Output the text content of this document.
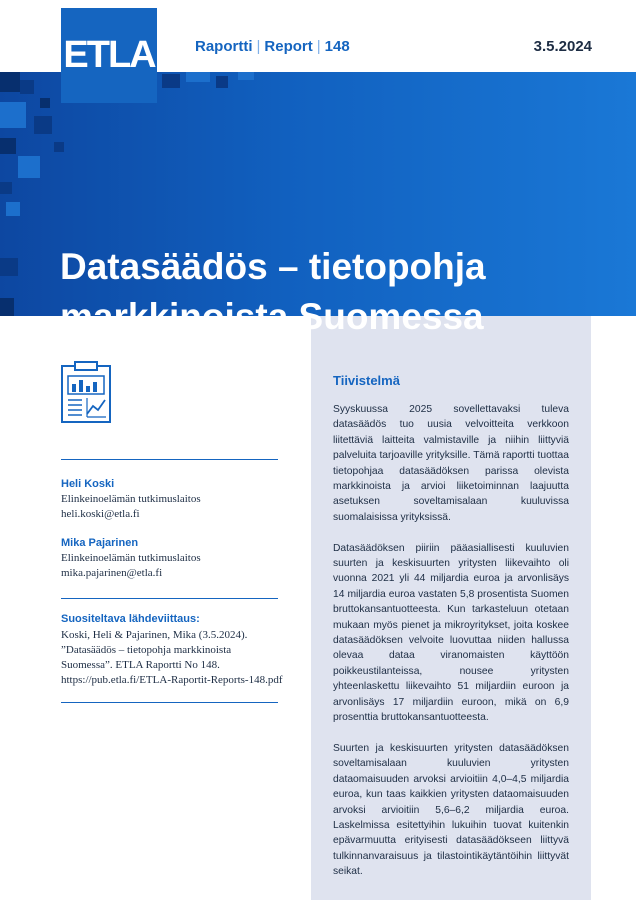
ETLA	Raportti | Report | 148	3.5.2024
Datasäädös – tietopohja
markkinoista Suomessa
Tiivistelmä

Syyskuussa 2025 sovellettavaksi tuleva datasäädös tuo uusia velvoitteita verkkoon liitettäviä laitteita valmistaville ja niihin liittyviä palveluita tarjoaville yrityksille. Tämä raportti tuottaa tietopohjaa datasäädöksen parissa olevista markkinoista ja arvioi liiketoiminnan laajuutta asetuksen soveltamisalaan kuuluvissa suomalaisissa yrityksissä.

Datasäädöksen piiriin pääasiallisesti kuuluvien suurten ja keskisuurten yritysten liikevaihto oli vuonna 2021 yli 44 miljardia euroa ja arvonlisäys 14 miljardia euroa vastaten 5,8 prosentista Suomen bruttokansantuotteesta. Kun tarkasteluun otetaan mukaan myös pienet ja mikroyritykset, joita koskee datasäädöksen velvoite luovuttaa niiden hallussa olevaa dataa viranomaisten käyttöön poikkeustilanteissa, nousee yritysten yhteenlaskettu liikevaihto 51 miljardiin euroon ja arvonlisäys 17 miljardiin euroon, mikä on 6,9 prosenttia bruttokansantuotteesta.

Suurten ja keskisuurten yritysten datasäädöksen soveltamisalaan kuuluvien yritysten dataomaisuuden arvoksi arvioitiin 4,0–4,5 miljardia euroa, kun taas kaikkien yritysten dataomaisuuden arvoksi arvioitiin 5,6–6,2 miljardia euroa. Laskelmissa esitettyihin lukuihin tuovat kuitenkin epävarmuutta erityisesti datasäädökseen liittyvä tulkinnanvaraisuus ja tilastointikäytäntöihin liittyvät seikat.

Heli Koski
Elinkeinoelämän tutkimuslaitos
heli.koski@etla.fi
Mika Pajarinen
Elinkeinoelämän tutkimuslaitos
mika.pajarinen@etla.fi
Suositeltava lähdeviittaus:
Koski, Heli & Pajarinen, Mika (3.5.2024).
”Datasäädös – tietopohja markkinoista
Suomessa”. ETLA Raportti No 148.
https://pub.etla.fi/ETLA-Raportit-Reports-148.pdf
